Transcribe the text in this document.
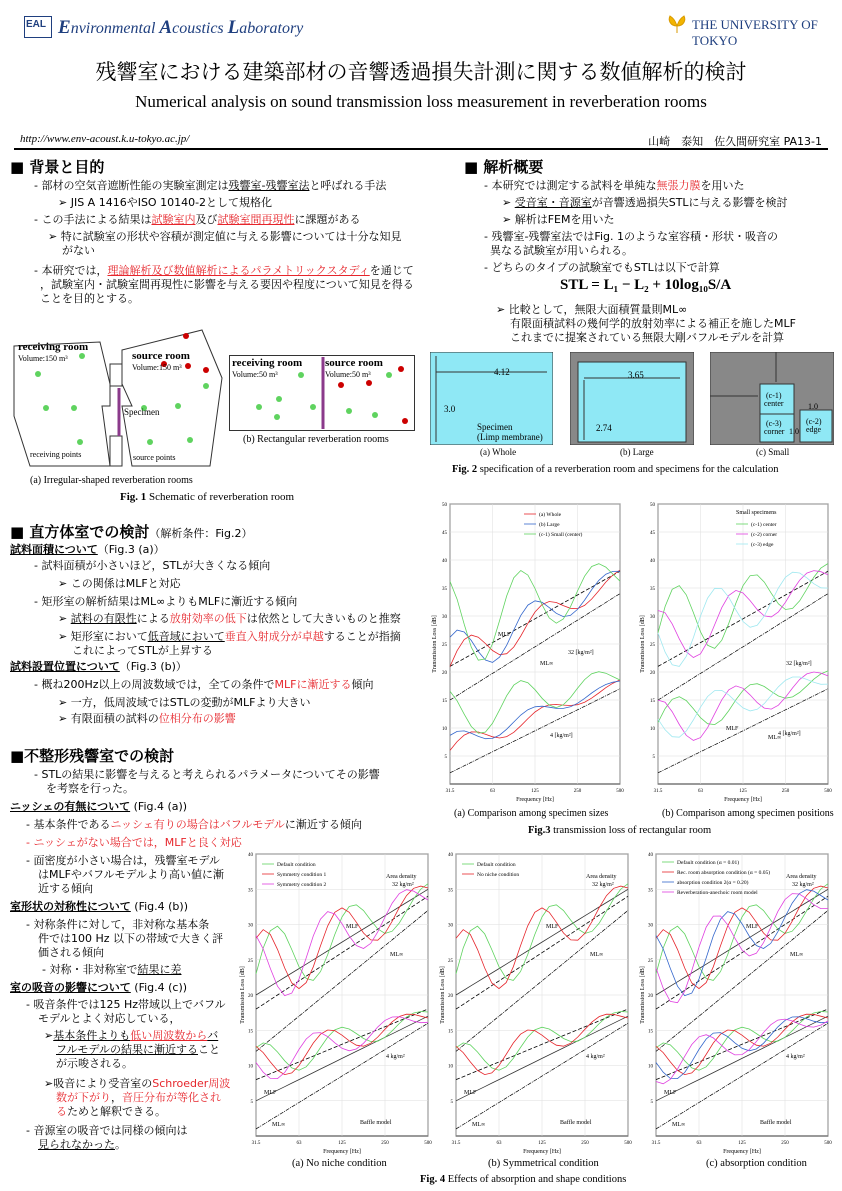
EAL Environmental Acoustics Laboratory	THE UNIVERSITY OF TOKYO
残響室における建築部材の音響透過損失計測に関する数値解析的検討
Numerical analysis on sound transmission loss measurement in reverberation rooms
http://www.env-acoust.k.u-tokyo.ac.jp/	山崎　泰知　佐久間研究室 PA13-1
■ 背景と目的
- 部材の空気音遮断性能の実験室測定は残響室-残響室法と呼ばれる手法
➢ JIS A 1416やISO 10140-2として規格化
- この手法による結果は試験室内及び試験室間再現性に課題がある
➢ 特に試験室の形状や容積が測定値に与える影響については十分な知見
がない
- 本研究では，理論解析及び数値解析によるパラメトリックスタディを通じて
，試験室内・試験室間再現性に影響を与える要因や程度について知見を得る
ことを目的とする。
receiving room
Volume:150 m³	source room
Volume:150 m³
Specimen
receiving points	source points
(a) Irregular-shaped reverberation rooms
receiving room
Volume:50 m³
source room
Volume:50 m³
(b) Rectangular reverberation rooms
Fig. 1 Schematic of reverberation room
■ 解析概要
- 本研究では測定する試料を単純な無張力膜を用いた
➢ 受音室・音源室が音響透過損失STLに与える影響を検討
➢ 解析はFEMを用いた
- 残響室-残響室法ではFig. 1のような室容積・形状・吸音の
異なる試験室が用いられる。
- どちらのタイプの試験室でもSTLは以下で計算
STL = L₁ − L₂ + 10log₁₀S/A
➢ 比較として，無限大面積質量則ML∞
有限面積試料の幾何学的放射効率による補正を施したMLF
これまでに提案されている無限大剛バフルモデルを計算
4.12
3.0
Specimen
(Limp membrane)
(a) Whole
3.65
2.74
(b) Large
(c-1)
center
(c-3)
corner
(c-2)
edge
1.0
1.0
(c) Small
Fig. 2 specification of a reverberation room and specimens for the calculation
■ 直方体室での検討（解析条件：Fig.2）
試料面積について（Fig.3 (a)）
- 試料面積が小さいほど，STLが大きくなる傾向
➢ この関係はMLFと対応
- 矩形室の解析結果はML∞よりもMLFに漸近する傾向
➢ 試料の有限性による放射効率の低下は依然として大きいものと推察
➢ 矩形室において低音域において垂直入射成分が卓越することが指摘
これによってSTLが上昇する
試料設置位置について（Fig.3 (b)）
- 概ね200Hz以上の周波数域では，全ての条件でMLFに漸近する傾向
➢ 一方，低周波域ではSTLの変動がMLFより大きい
➢ 有限面積の試料の位相分布の影響
■不整形残響室での検討
- STLの結果に影響を与えると考えられるパラメータについてその影響
を考察を行った。
ニッシェの有無について (Fig.4 (a))
- 基本条件であるニッシェ有りの場合はバフルモデルに漸近する傾向
- ニッシェがない場合では，MLFと良く対応
- 面密度が小さい場合は，残響室モデル
はMLFやバフルモデルより高い値に漸
近する傾向
室形状の対称性について (Fig.4 (b))
- 対称条件に対して，非対称な基本条
件では100 Hz 以下の帯域で大きく評
価される傾向
- 対称・非対称室で結果に差
室の吸音の影響について (Fig.4 (c))
- 吸音条件では125 Hz帯域以上でバフル
モデルとよく対応している，
➢基本条件よりも低い周波数からバ
フルモデルの結果に漸近すること
が示唆される。
➢吸音により受音室のSchroeder周波
数が下がり，音圧分布が等化され
るためと解釈できる。
- 音源室の吸音では同様の傾向は
見られなかった。
5
10
15
20
25
30
35
40
45
50
31.5	63	125	250	500
Frequency [Hz]
Transmission Loss [dB]	MLF
ML∞
32 [kg/m²]
4 [kg/m²]
(a) Whole
(b) Large
(c-1) Small (center)
5
10
15
20
25
30
35
40
45
50
31.5	63	125	250	500
Frequency [Hz]
Transmission Loss [dB]	32 [kg/m²]
MLF
ML∞
4 [kg/m²]
Small specimens
(c-1) center
(c-2) corner
(c-3) edge
(a) Comparison among specimen sizes	(b) Comparison among specimen positions
Fig.3 transmission loss of rectangular room
5
10
15
20
25
30
35
40
31.5	63	125	250	500
Frequency [Hz]
Transmission Loss [dB]
Area density
32 kg/m²
4 kg/m²
MLF
ML∞
MLF
ML∞	Baffle model
Default condition
Symmetry condition 1
Symmetry condition 2
5
10
15
20
25
30
35
40
31.5	63	125	250	500
Frequency [Hz]
Transmission Loss [dB]
Area density
32 kg/m²
4 kg/m²
MLF
ML∞
MLF
ML∞	Baffle model
Default condition
No niche condition
5
10
15
20
25
30
35
40
31.5	63	125	250	500
Frequency [Hz]
Transmission Loss [dB]
Area density
32 kg/m²
4 kg/m²
MLF
ML∞
MLF
ML∞	Baffle model
Default condition (α = 0.01)
Rec. room absorption condition (α = 0.05)
absorption condition 2(α = 0.20)
Reverberation-anechoic room model
(a) No niche condition	(b) Symmetrical condition	(c) absorption condition
Fig. 4 Effects of absorption and shape conditions
